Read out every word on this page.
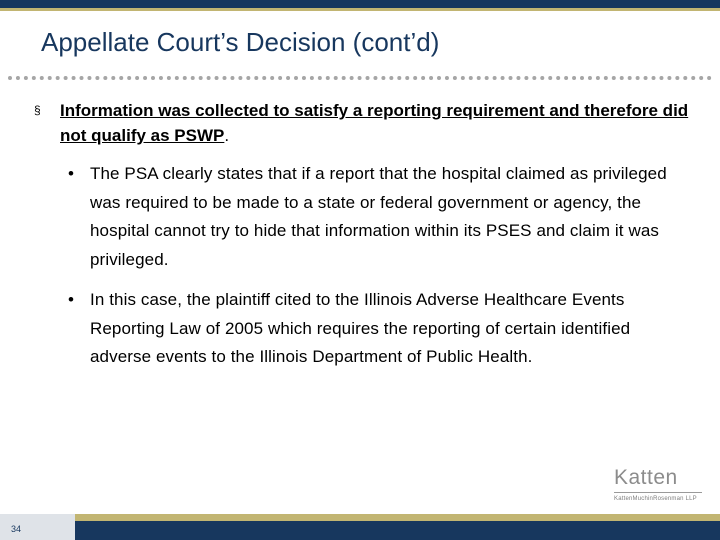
Appellate Court’s Decision (cont’d)
§ Information was collected to satisfy a reporting requirement and therefore did not qualify as PSWP.
• The PSA clearly states that if a report that the hospital claimed as privileged was required to be made to a state or federal government or agency, the hospital cannot try to hide that information within its PSES and claim it was privileged.
• In this case, the plaintiff cited to the Illinois Adverse Healthcare Events Reporting Law of 2005 which requires the reporting of certain identified adverse events to the Illinois Department of Public Health.
Katten
KattenMuchinRosenman LLP
34
